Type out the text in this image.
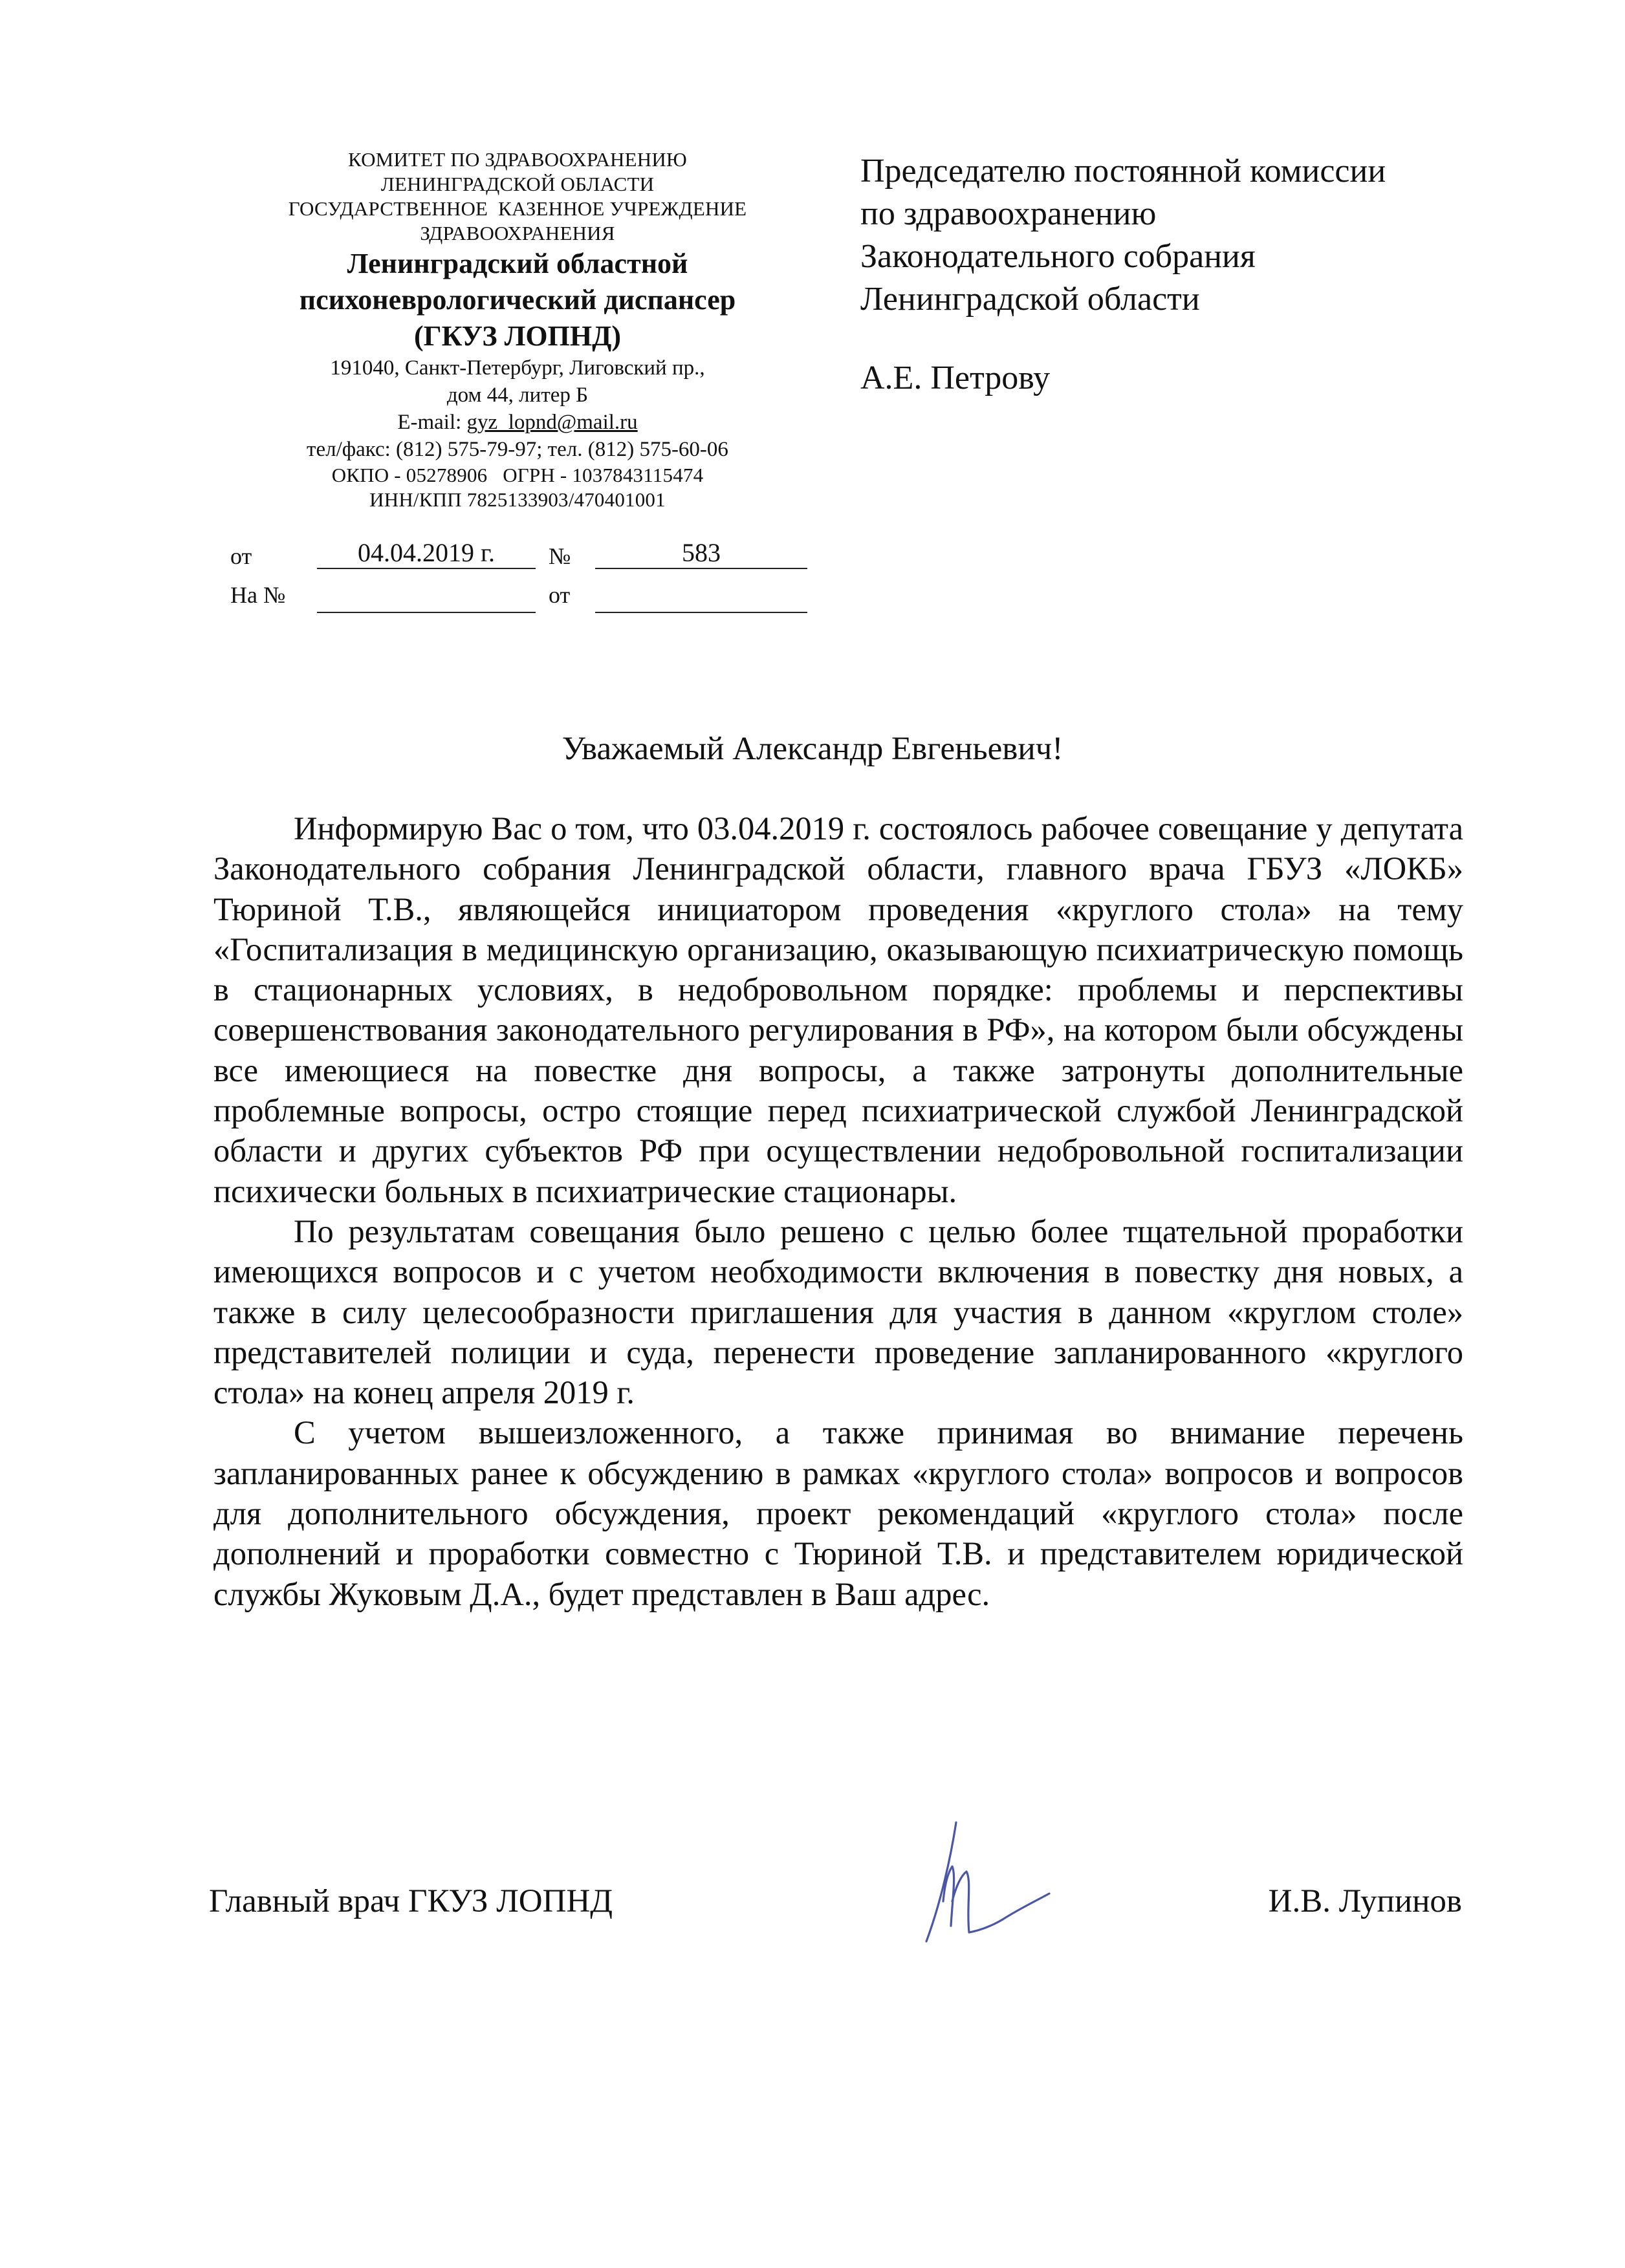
КОМИТЕТ ПО ЗДРАВООХРАНЕНИЮ
ЛЕНИНГРАДСКОЙ ОБЛАСТИ
ГОСУДАРСТВЕННОЕ  КАЗЕННОЕ УЧРЕЖДЕНИЕ
ЗДРАВООХРАНЕНИЯ
Ленинградский областной
психоневрологический диспансер
(ГКУЗ ЛОПНД)
191040, Санкт-Петербург, Лиговский пр.,
дом 44, литер Б
E-mail: gyz_lopnd@mail.ru
тел/факс: (812) 575-79-97; тел. (812) 575-60-06
ОКПО - 05278906   ОГРН - 1037843115474
ИНН/КПП 7825133903/470401001
от	04.04.2019 г.	№	583
На №	от
Председателю постоянной комиссии
по здравоохранению
Законодательного собрания
Ленинградской области
А.Е. Петрову
Уважаемый Александр Евгеньевич!

Информирую Вас о том, что 03.04.2019 г. состоялось рабочее совещание у депутата Законодательного собрания Ленинградской области, главного врача ГБУЗ «ЛОКБ» Тюриной Т.В., являющейся инициатором проведения «круглого стола» на тему «Госпитализация в медицинскую организацию, оказывающую психиатрическую помощь в стационарных условиях, в недобровольном порядке: проблемы и перспективы совершенствования законодательного регулирования в РФ», на котором были обсуждены все имеющиеся на повестке дня вопросы, а также затронуты дополнительные проблемные вопросы, остро стоящие перед психиатрической службой Ленинградской области и других субъектов РФ при осуществлении недобровольной госпитализации психически больных в психиатрические стационары.

По результатам совещания было решено с целью более тщательной проработки имеющихся вопросов и с учетом необходимости включения в повестку дня новых, а также в силу целесообразности приглашения для участия в данном «круглом столе» представителей полиции и суда, перенести проведение запланированного «круглого стола» на конец апреля 2019 г.

С учетом вышеизложенного, а также принимая во внимание перечень запланированных ранее к обсуждению в рамках «круглого стола» вопросов и вопросов для дополнительного обсуждения, проект рекомендаций «круглого стола» после дополнений и проработки совместно с Тюриной Т.В. и представителем юридической службы Жуковым Д.А., будет представлен в Ваш адрес.

Главный врач ГКУЗ ЛОПНД	И.В. Лупинов
